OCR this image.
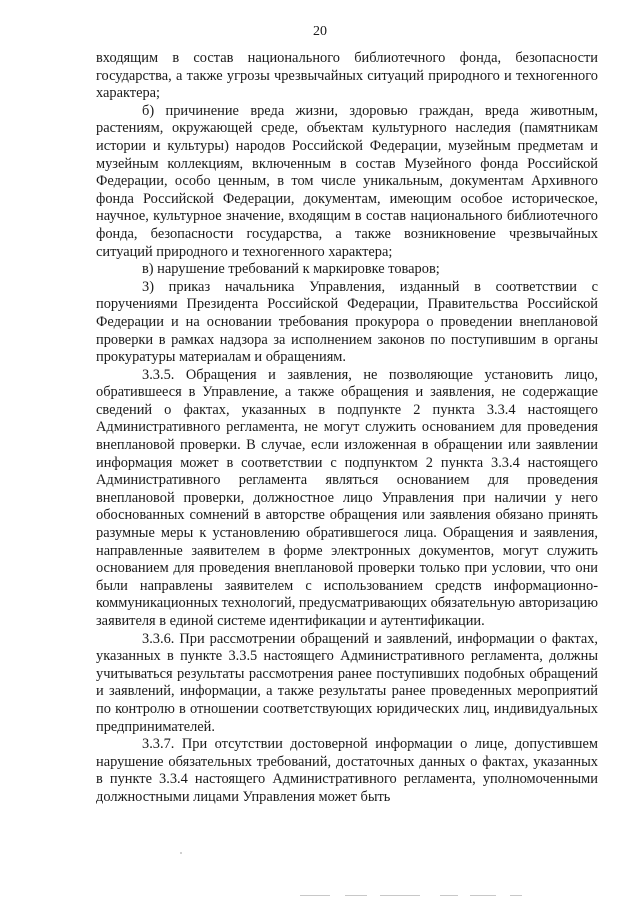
20

входящим в состав национального библиотечного фонда, безопасности государства, а также угрозы чрезвычайных ситуаций природного и техногенного характера;

б) причинение вреда жизни, здоровью граждан, вреда животным, растениям, окружающей среде, объектам культурного наследия (памятникам истории и культуры) народов Российской Федерации, музейным предметам и музейным коллекциям, включенным в состав Музейного фонда Российской Федерации, особо ценным, в том числе уникальным, документам Архивного фонда Российской Федерации, документам, имеющим особое историческое, научное, культурное значение, входящим в состав национального библиотечного фонда, безопасности государства, а также возникновение чрезвычайных ситуаций природного и техногенного характера;

в) нарушение требований к маркировке товаров;

3) приказ начальника Управления, изданный в соответствии с поручениями Президента Российской Федерации, Правительства Российской Федерации и на основании требования прокурора о проведении внеплановой проверки в рамках надзора за исполнением законов по поступившим в органы прокуратуры материалам и обращениям.

3.3.5. Обращения и заявления, не позволяющие установить лицо, обратившееся в Управление, а также обращения и заявления, не содержащие сведений о фактах, указанных в подпункте 2 пункта 3.3.4 настоящего Административного регламента, не могут служить основанием для проведения внеплановой проверки. В случае, если изложенная в обращении или заявлении информация может в соответствии с подпунктом 2 пункта 3.3.4 настоящего Административного регламента являться основанием для проведения внеплановой проверки, должностное лицо Управления при наличии у него обоснованных сомнений в авторстве обращения или заявления обязано принять разумные меры к установлению обратившегося лица. Обращения и заявления, направленные заявителем в форме электронных документов, могут служить основанием для проведения внеплановой проверки только при условии, что они были направлены заявителем с использованием средств информационно-коммуникационных технологий, предусматривающих обязательную авторизацию заявителя в единой системе идентификации и аутентификации.

3.3.6. При рассмотрении обращений и заявлений, информации о фактах, указанных в пункте 3.3.5 настоящего Административного регламента, должны учитываться результаты рассмотрения ранее поступивших подобных обращений и заявлений, информации, а также результаты ранее проведенных мероприятий по контролю в отношении соответствующих юридических лиц, индивидуальных предпринимателей.

3.3.7. При отсутствии достоверной информации о лице, допустившем нарушение обязательных требований, достаточных данных о фактах, указанных в пункте 3.3.4 настоящего Административного регламента, уполномоченными должностными лицами Управления может быть
